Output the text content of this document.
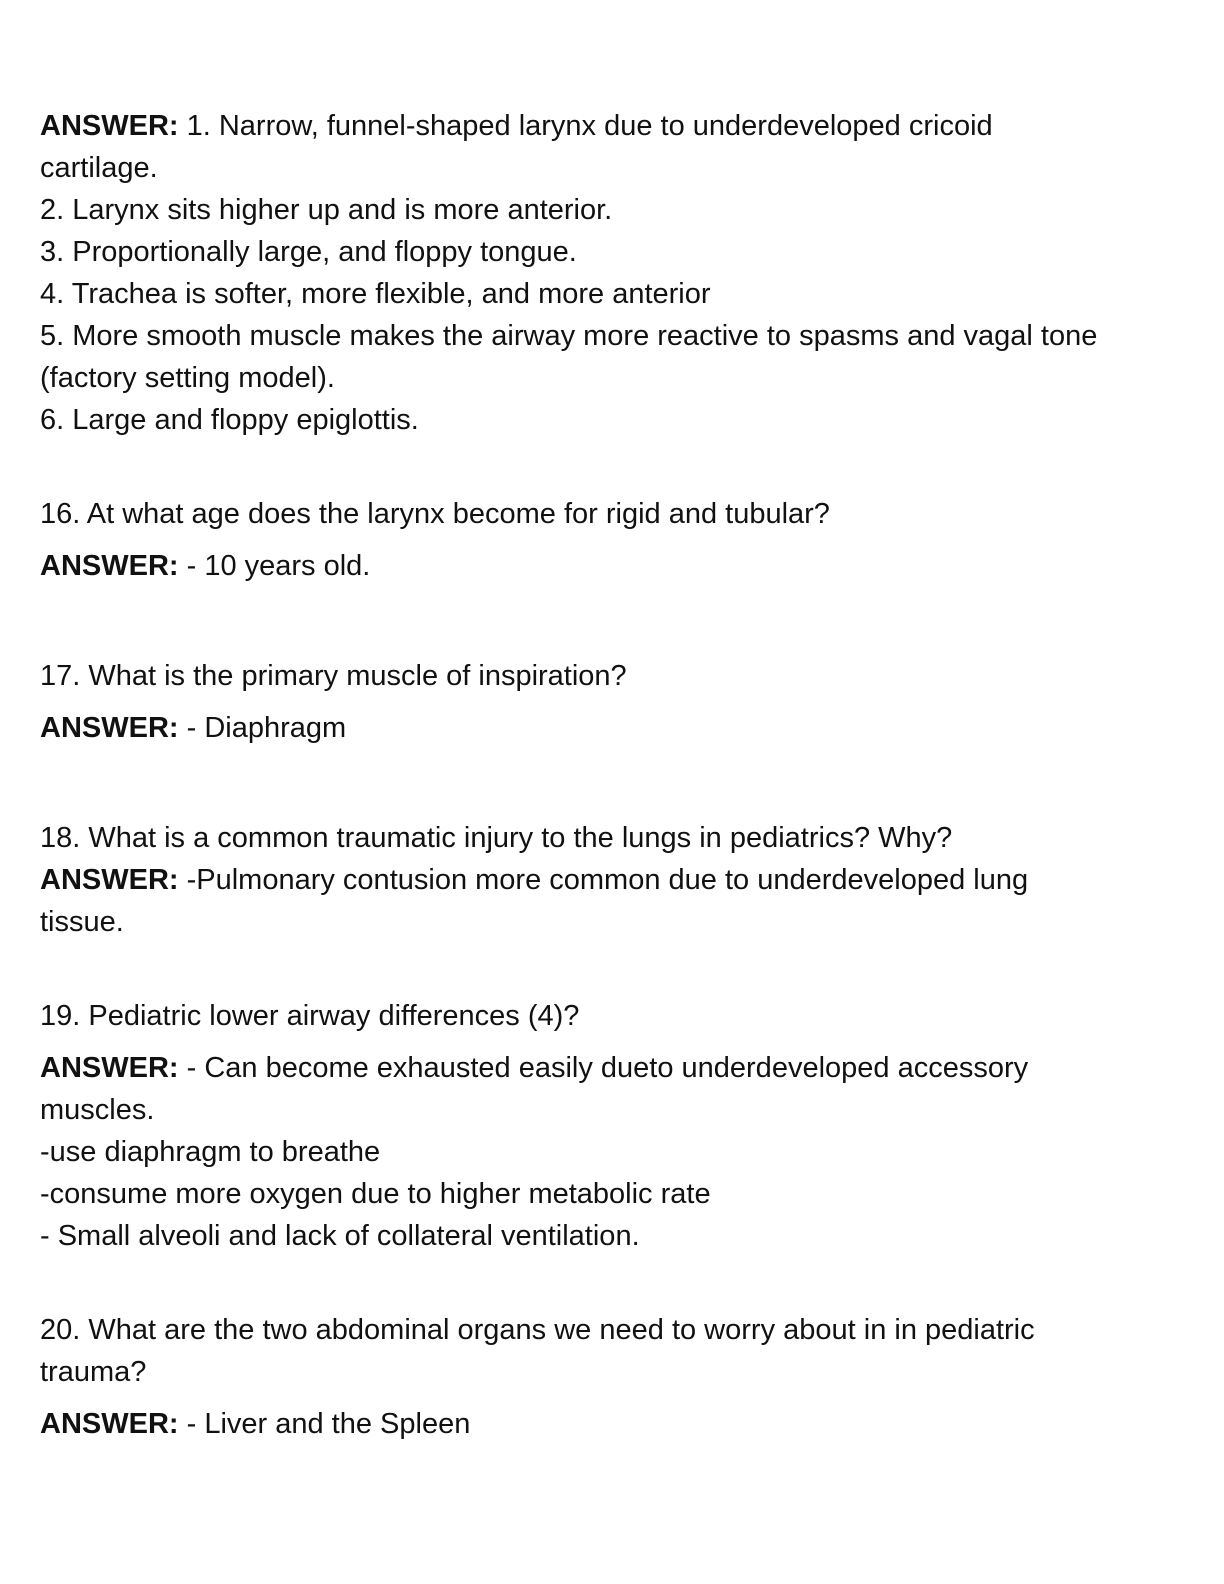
ANSWER: 1. Narrow, funnel-shaped larynx due to underdeveloped cricoid
cartilage.
2. Larynx sits higher up and is more anterior.
3. Proportionally large, and floppy tongue.
4. Trachea is softer, more flexible, and more anterior
5. More smooth muscle makes the airway more reactive to spasms and vagal tone
(factory setting model).
6. Large and floppy epiglottis.
16. At what age does the larynx become for rigid and tubular?
ANSWER: - 10 years old.
17. What is the primary muscle of inspiration?
ANSWER: - Diaphragm
18. What is a common traumatic injury to the lungs in pediatrics? Why?
ANSWER: -Pulmonary contusion more common due to underdeveloped lung
tissue.
19. Pediatric lower airway differences (4)?
ANSWER: - Can become exhausted easily dueto underdeveloped accessory
muscles.
-use diaphragm to breathe
-consume more oxygen due to higher metabolic rate
- Small alveoli and lack of collateral ventilation.
20. What are the two abdominal organs we need to worry about in in pediatric
trauma?
ANSWER: - Liver and the Spleen
